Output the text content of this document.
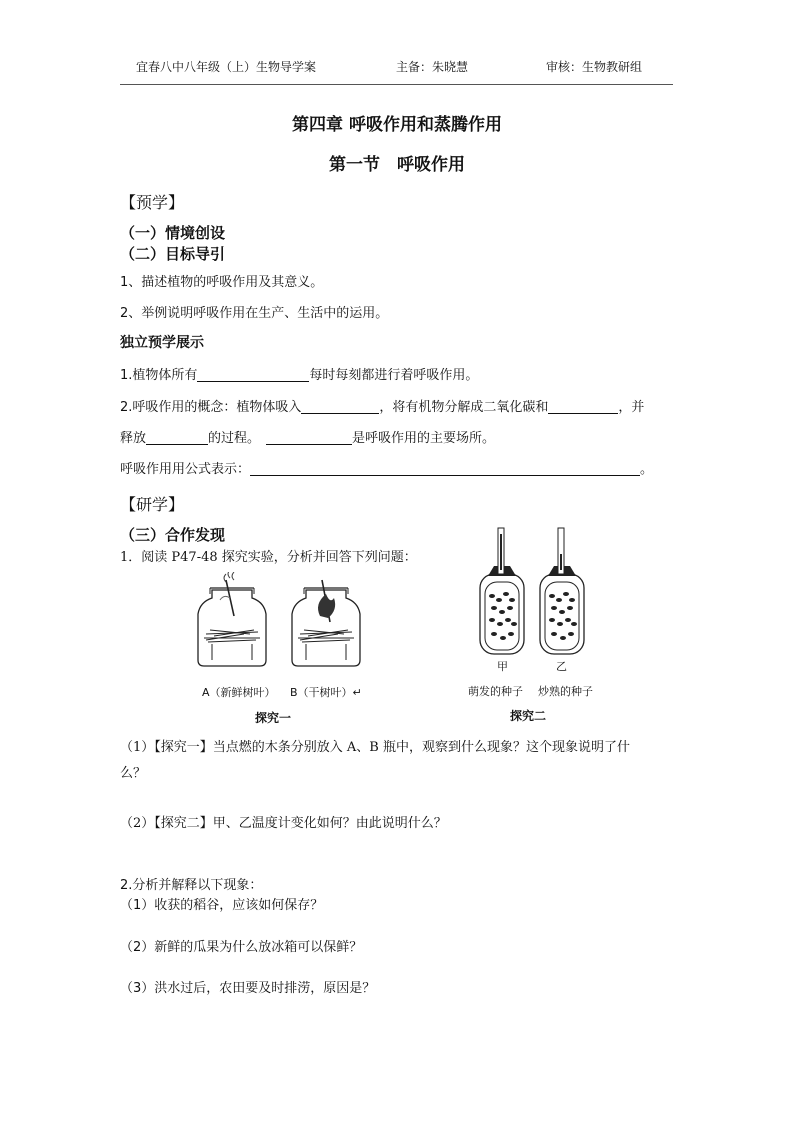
宜春八中八年级（上）生物导学案	主备：朱晓慧	审核：生物教研组
第四章 呼吸作用和蒸腾作用
第一节　呼吸作用
【预学】
（一）情境创设
（二）目标导引
1、描述植物的呼吸作用及其意义。
2、举例说明呼吸作用在生产、生活中的运用。
独立预学展示
1.植物体所有	每时每刻都进行着呼吸作用。
2.呼吸作用的概念：植物体吸入	，将有机物分解成二氧化碳和	，并
释放	的过程。	是呼吸作用的主要场所。
呼吸作用用公式表示：	。
【研学】
（三）合作发现
1．阅读 P47-48 探究实验，分析并回答下列问题：
A（新鲜树叶） B（干树叶）↵
探究一
甲	乙
萌发的种子 炒熟的种子
探究二
（1）【探究一】当点燃的木条分别放入 A、B 瓶中，观察到什么现象？这个现象说明了什
么？
（2）【探究二】甲、乙温度计变化如何？由此说明什么？
2.分析并解释以下现象：
（1）收获的稻谷，应该如何保存？
（2）新鲜的瓜果为什么放冰箱可以保鲜？
（3）洪水过后，农田要及时排涝，原因是？
